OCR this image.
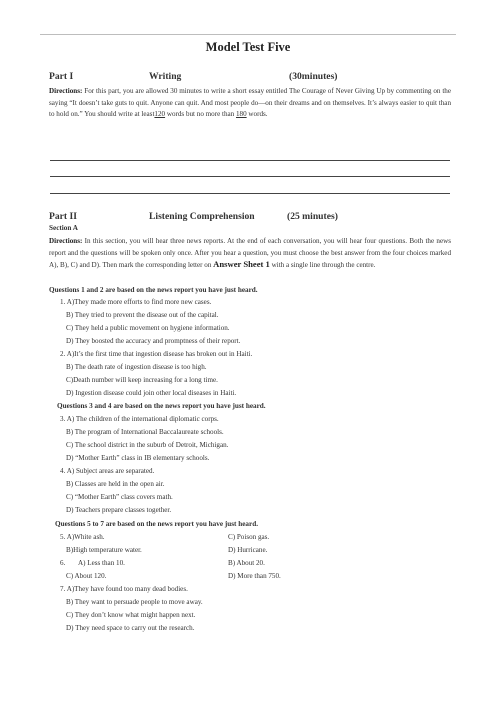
Model Test Five
Part I	Writing	(30minutes)
Directions: For this part, you are allowed 30 minutes to write a short essay entitled The Courage of Never Giving Up by commenting on the saying “It doesn’t take guts to quit. Anyone can quit. And most people do—on their dreams and on themselves. It’s always easier to quit than to hold on.” You should write at least120 words but no more than 180 words.
Part II	Listening Comprehension	(25 minutes)
Section A
Directions: In this section, you will hear three news reports. At the end of each conversation, you will hear four questions. Both the news report and the questions will be spoken only once. After you hear a question, you must choose the best answer from the four choices marked A), B), C) and D). Then mark the corresponding letter on Answer Sheet 1 with a single line through the centre.
Questions 1 and 2 are based on the news report you have just heard.
1. A)They made more efforts to find more new cases.
B) They tried to prevent the disease out of the capital.
C) They held a public movement on hygiene information.
D) They boosted the accuracy and promptness of their report.
2. A)It’s the first time that ingestion disease has broken out in Haiti.
B) The death rate of ingestion disease is too high.
C)Death number will keep increasing for a long time.
D) Ingestion disease could join other local diseases in Haiti.
Questions 3 and 4 are based on the news report you have just heard.
3. A) The children of the international diplomatic corps.
B) The program of International Baccalaureate schools.
C) The school district in the suburb of Detroit, Michigan.
D) “Mother Earth” class in IB elementary schools.
4. A) Subject areas are separated.
B) Classes are held in the open air.
C) “Mother Earth” class covers math.
D) Teachers prepare classes together.
Questions 5 to 7 are based on the news report you have just heard.
5. A)White ash.	C) Poison gas.
B)High temperature water.	D) Hurricane.
6. A) Less than 10.	B) About 20.
C) About 120.	D) More than 750.
7. A)They have found too many dead bodies.
B) They want to persuade people to move away.
C) They don’t know what might happen next.
D) They need space to carry out the research.
